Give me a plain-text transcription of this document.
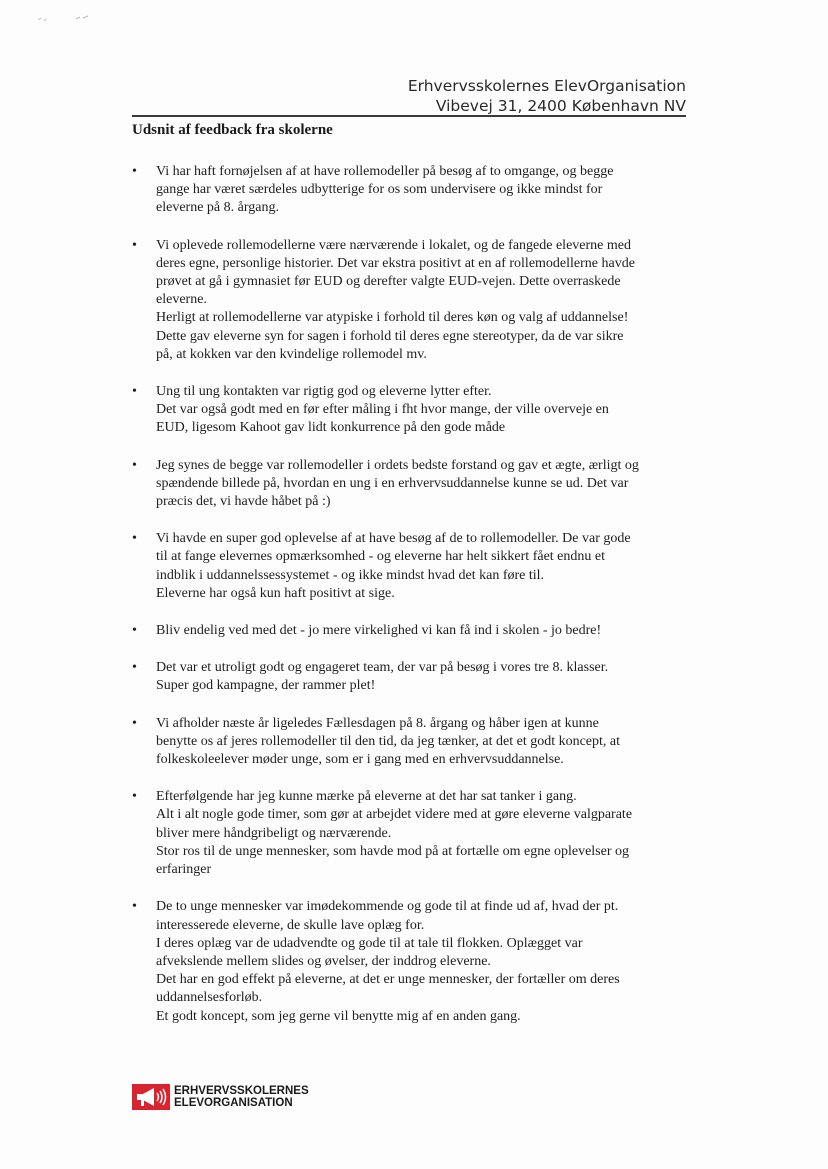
Erhvervsskolernes ElevOrganisation
Vibevej 31, 2400 København NV
Udsnit af feedback fra skolerne
• Vi har haft fornøjelsen af at have rollemodeller på besøg af to omgange, og begge
gange har været særdeles udbytterige for os som undervisere og ikke mindst for
eleverne på 8. årgang.
• Vi oplevede rollemodellerne være nærværende i lokalet, og de fangede eleverne med
deres egne, personlige historier. Det var ekstra positivt at en af rollemodellerne havde
prøvet at gå i gymnasiet før EUD og derefter valgte EUD-vejen. Dette overraskede
eleverne.
Herligt at rollemodellerne var atypiske i forhold til deres køn og valg af uddannelse!
Dette gav eleverne syn for sagen i forhold til deres egne stereotyper, da de var sikre
på, at kokken var den kvindelige rollemodel mv.
• Ung til ung kontakten var rigtig god og eleverne lytter efter.
Det var også godt med en før efter måling i fht hvor mange, der ville overveje en
EUD, ligesom Kahoot gav lidt konkurrence på den gode måde
• Jeg synes de begge var rollemodeller i ordets bedste forstand og gav et ægte, ærligt og
spændende billede på, hvordan en ung i en erhvervsuddannelse kunne se ud. Det var
præcis det, vi havde håbet på :)
• Vi havde en super god oplevelse af at have besøg af de to rollemodeller. De var gode
til at fange elevernes opmærksomhed - og eleverne har helt sikkert fået endnu et
indblik i uddannelssessystemet - og ikke mindst hvad det kan føre til.
Eleverne har også kun haft positivt at sige.
• Bliv endelig ved med det - jo mere virkelighed vi kan få ind i skolen - jo bedre!
• Det var et utroligt godt og engageret team, der var på besøg i vores tre 8. klasser.
Super god kampagne, der rammer plet!
• Vi afholder næste år ligeledes Fællesdagen på 8. årgang og håber igen at kunne
benytte os af jeres rollemodeller til den tid, da jeg tænker, at det et godt koncept, at
folkeskoleelever møder unge, som er i gang med en erhvervsuddannelse.
• Efterfølgende har jeg kunne mærke på eleverne at det har sat tanker i gang.
Alt i alt nogle gode timer, som gør at arbejdet videre med at gøre eleverne valgparate
bliver mere håndgribeligt og nærværende.
Stor ros til de unge mennesker, som havde mod på at fortælle om egne oplevelser og
erfaringer
• De to unge mennesker var imødekommende og gode til at finde ud af, hvad der pt.
interesserede eleverne, de skulle lave oplæg for.
I deres oplæg var de udadvendte og gode til at tale til flokken. Oplægget var
afvekslende mellem slides og øvelser, der inddrog eleverne.
Det har en god effekt på eleverne, at det er unge mennesker, der fortæller om deres
uddannelsesforløb.
Et godt koncept, som jeg gerne vil benytte mig af en anden gang.
ERHVERVSSKOLERNES
ELEVORGANISATION
